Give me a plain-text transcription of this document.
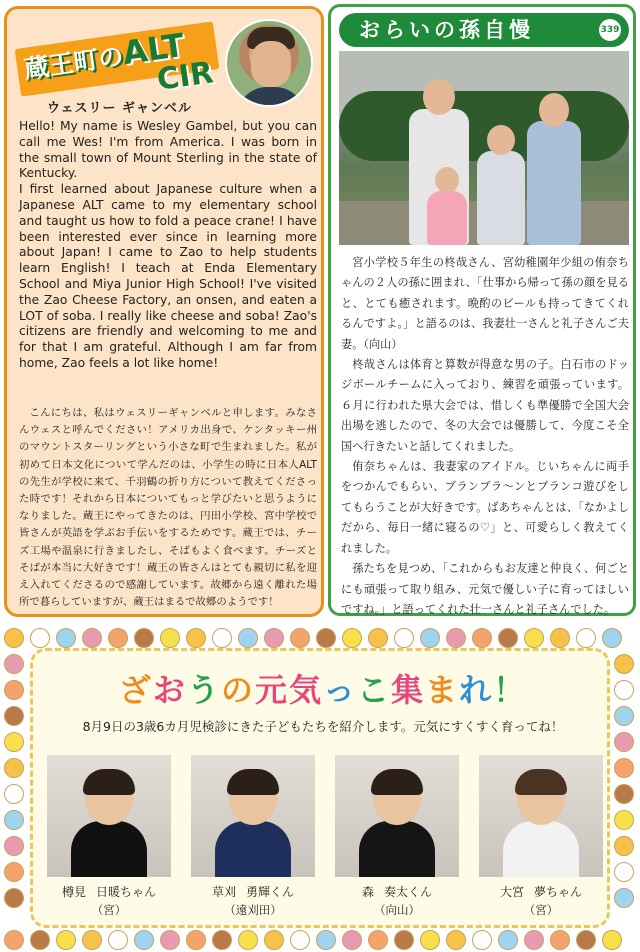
蔵王町のALT
CIR
ウェスリー ギャンベル
Hello! My name is Wesley Gambel, but you can call me Wes! I'm from America. I was born in the small town of Mount Sterling in the state of Kentucky.
I first learned about Japanese culture when a Japanese ALT came to my elementary school and taught us how to fold a peace crane! I have been interested ever since in learning more about Japan! I came to Zao to help students learn English! I teach at Enda Elementary School and Miya Junior High School! I've visited the Zao Cheese Factory, an onsen, and eaten a LOT of soba. I really like cheese and soba! Zao's citizens are friendly and welcoming to me and for that I am grateful. Although I am far from home, Zao feels a lot like home!
こんにちは、私はウェスリーギャンベルと申します。みなさんウェスと呼んでください！アメリカ出身で、ケンタッキー州のマウントスターリングという小さな町で生まれました。私が初めて日本文化について学んだのは、小学生の時に日本人ALTの先生が学校に来て、千羽鶴の折り方について教えてくださった時です！それから日本についてもっと学びたいと思うようになりました。蔵王にやってきたのは、円田小学校、宮中学校で皆さんが英語を学ぶお手伝いをするためです。蔵王では、チーズ工場や温泉に行きましたし、そばもよく食べます。チーズとそばが本当に大好きです！蔵王の皆さんはとても親切に私を迎え入れてくださるので感謝しています。故郷から遠く離れた場所で暮らしていますが、蔵王はまるで故郷のようです！
おらいの孫自慢	339

宮小学校５年生の柊哉さん、宮幼稚園年少組の侑奈ちゃんの２人の孫に囲まれ、「仕事から帰って孫の顔を見ると、とても癒されます。晩酌のビールも持ってきてくれるんですよ。」と語るのは、我妻壮一さんと礼子さんご夫妻。（向山）

柊哉さんは体育と算数が得意な男の子。白石市のドッジボールチームに入っており、練習を頑張っています。６月に行われた県大会では、惜しくも準優勝で全国大会出場を逃したので、冬の大会では優勝して、今度こそ全国へ行きたいと話してくれました。

侑奈ちゃんは、我妻家のアイドル。じいちゃんに両手をつかんでもらい、ブランブラ～ンとブランコ遊びをしてもらうことが大好きです。ばあちゃんとは、「なかよしだから、毎日一緒に寝るの♡」と、可愛らしく教えてくれました。

孫たちを見つめ、「これからもお友達と仲良く、何ごとにも頑張って取り組み、元気で優しい子に育ってほしいですね。」と語ってくれた壮一さんと礼子さんでした。

ざおうの元気っこ集まれ！
8月9日の3歳6カ月児検診にきた子どもたちを紹介します。元気にすくすく育ってね！
樽見 日暖ちゃん
（宮）
草刈 勇輝くん
（遠刈田）
森 奏太くん
（向山）
大宮 夢ちゃん
（宮）
